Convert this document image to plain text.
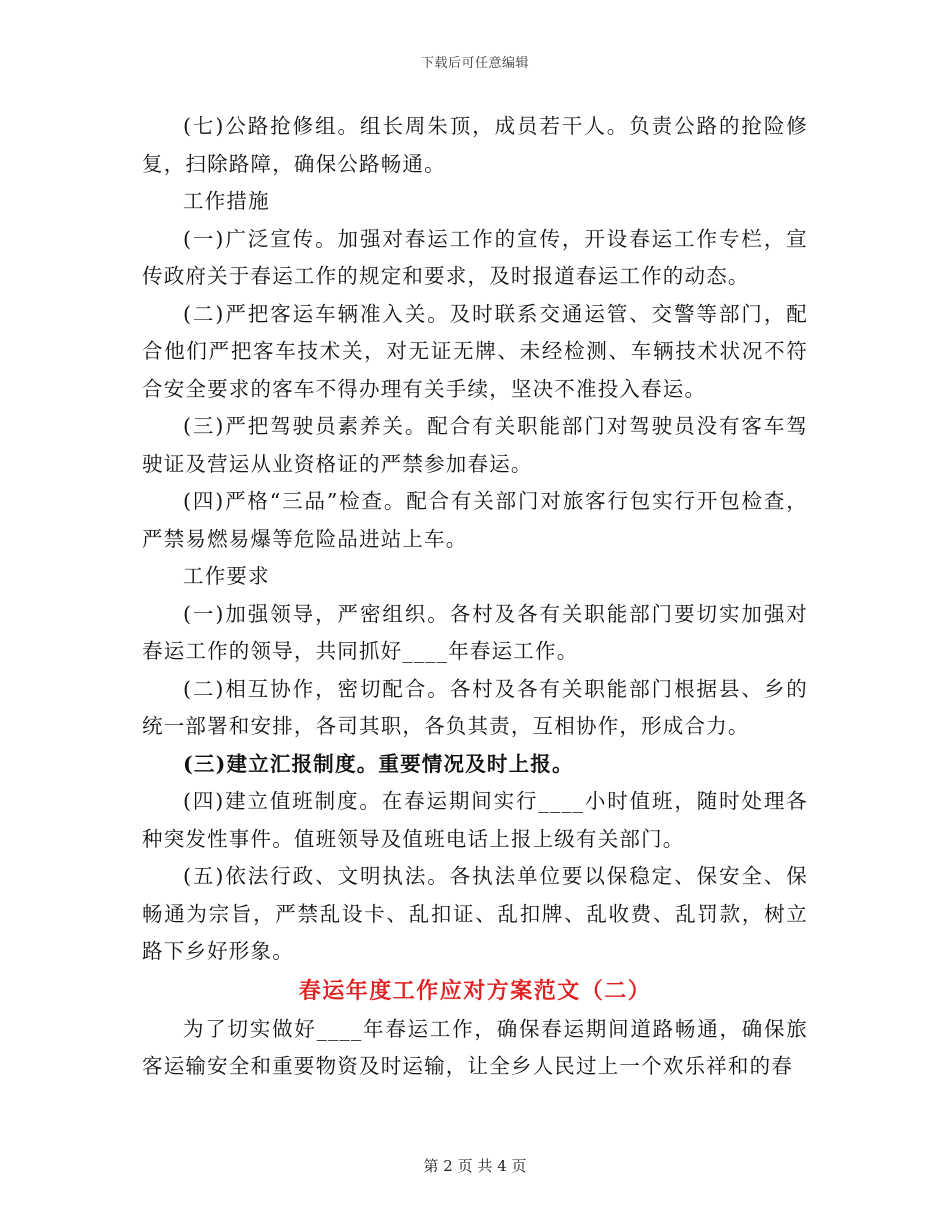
下载后可任意编辑

(七)公路抢修组。组长周朱顶，成员若干人。负责公路的抢险修复，扫除路障，确保公路畅通。

工作措施

(一)广泛宣传。加强对春运工作的宣传，开设春运工作专栏，宣传政府关于春运工作的规定和要求，及时报道春运工作的动态。

(二)严把客运车辆准入关。及时联系交通运管、交警等部门，配合他们严把客车技术关，对无证无牌、未经检测、车辆技术状况不符合安全要求的客车不得办理有关手续，坚决不准投入春运。

(三)严把驾驶员素养关。配合有关职能部门对驾驶员没有客车驾驶证及营运从业资格证的严禁参加春运。

(四)严格“三品”检查。配合有关部门对旅客行包实行开包检查，严禁易燃易爆等危险品进站上车。

工作要求

(一)加强领导，严密组织。各村及各有关职能部门要切实加强对春运工作的领导，共同抓好____年春运工作。

(二)相互协作，密切配合。各村及各有关职能部门根据县、乡的统一部署和安排，各司其职，各负其责，互相协作，形成合力。

(三)建立汇报制度。重要情况及时上报。

(四)建立值班制度。在春运期间实行____小时值班，随时处理各种突发性事件。值班领导及值班电话上报上级有关部门。

(五)依法行政、文明执法。各执法单位要以保稳定、保安全、保畅通为宗旨，严禁乱设卡、乱扣证、乱扣牌、乱收费、乱罚款，树立路下乡好形象。

春运年度工作应对方案范文（二）

为了切实做好____年春运工作，确保春运期间道路畅通，确保旅客运输安全和重要物资及时运输，让全乡人民过上一个欢乐祥和的春

第 2 页 共 4 页
